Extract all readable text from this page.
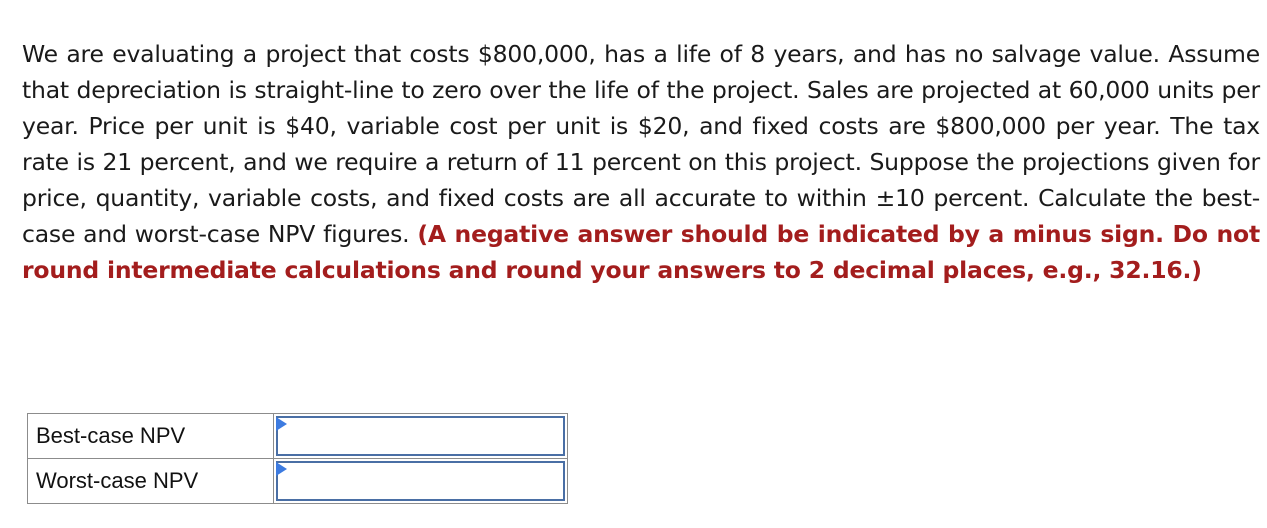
We are evaluating a project that costs $800,000, has a life of 8 years, and has no salvage value. Assume that depreciation is straight-line to zero over the life of the project. Sales are projected at 60,000 units per year. Price per unit is $40, variable cost per unit is $20, and fixed costs are $800,000 per year. The tax rate is 21 percent, and we require a return of 11 percent on this project. Suppose the projections given for price, quantity, variable costs, and fixed costs are all accurate to within ±10 percent. Calculate the best-case and worst-case NPV figures. (A negative answer should be indicated by a minus sign. Do not round intermediate calculations and round your answers to 2 decimal places, e.g., 32.16.)
Best-case NPV	

Worst-case NPV	
